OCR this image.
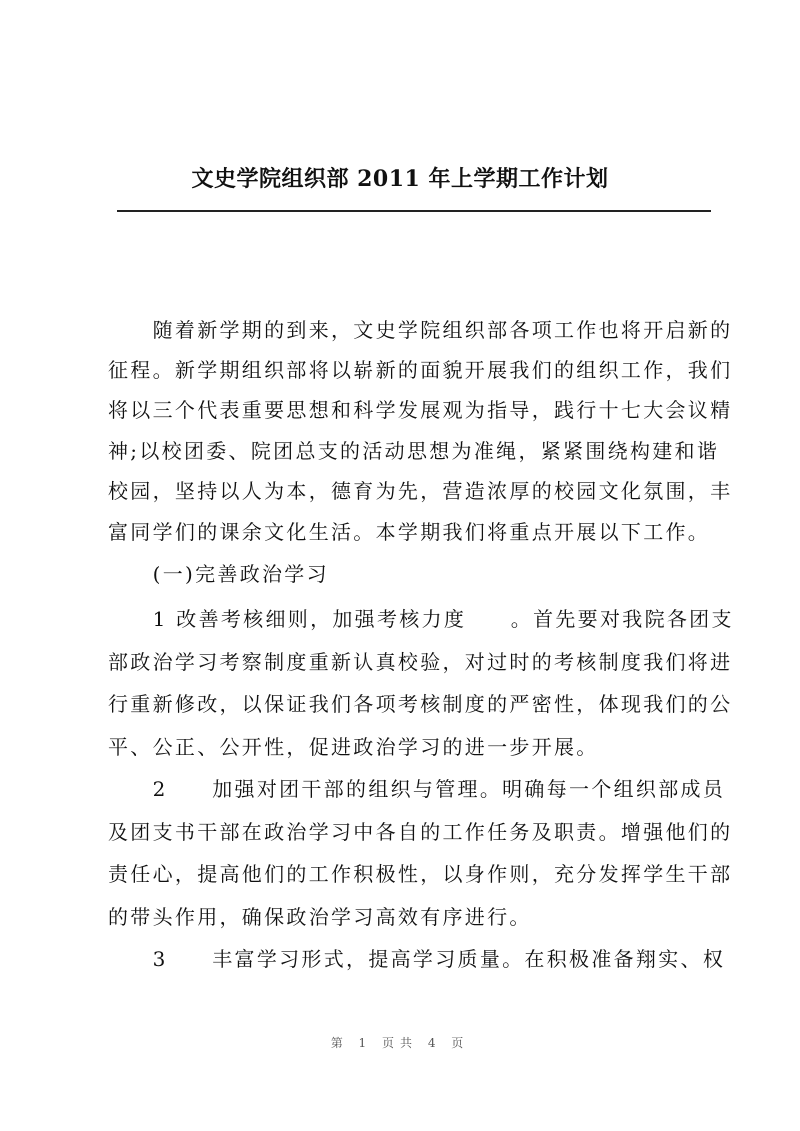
文史学院组织部 2011 年上学期工作计划
　　随着新学期的到来，文史学院组织部各项工作也将开启新的
征程。新学期组织部将以崭新的面貌开展我们的组织工作，我们
将以三个代表重要思想和科学发展观为指导，践行十七大会议精
神;以校团委、院团总支的活动思想为准绳，紧紧围绕构建和谐
校园，坚持以人为本，德育为先，营造浓厚的校园文化氛围，丰
富同学们的课余文化生活。本学期我们将重点开展以下工作。
　　(一)完善政治学习
　　1 改善考核细则，加强考核力度　　。首先要对我院各团支
部政治学习考察制度重新认真校验，对过时的考核制度我们将进
行重新修改，以保证我们各项考核制度的严密性，体现我们的公
平、公正、公开性，促进政治学习的进一步开展。
　　2　　加强对团干部的组织与管理。明确每一个组织部成员
及团支书干部在政治学习中各自的工作任务及职责。增强他们的
责任心，提高他们的工作积极性，以身作则，充分发挥学生干部
的带头作用，确保政治学习高效有序进行。
　　3　　丰富学习形式，提高学习质量。在积极准备翔实、权
第 1 页共 4 页
